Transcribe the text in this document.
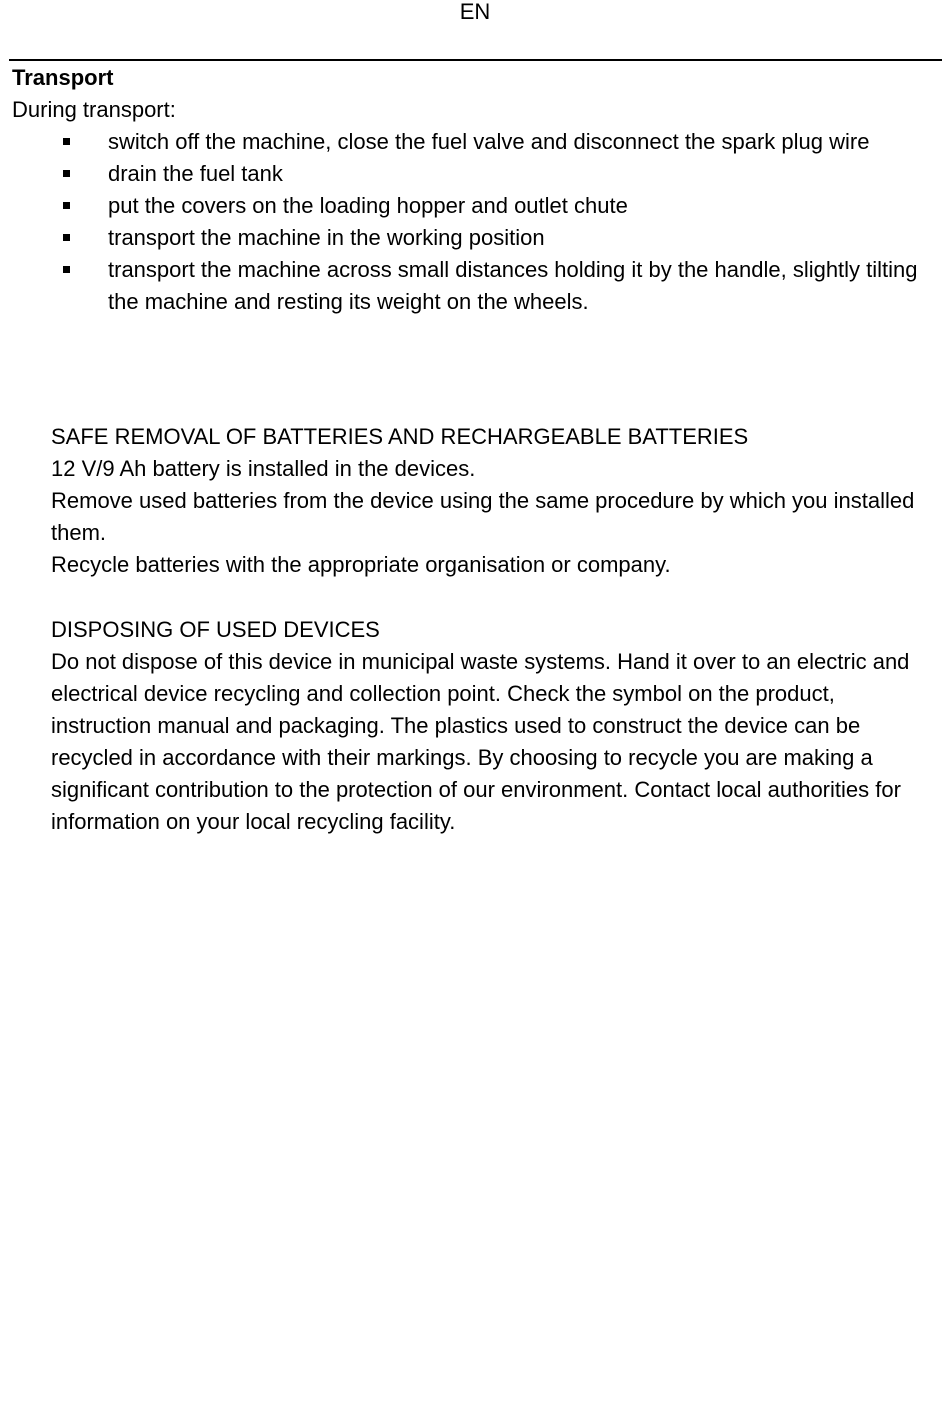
EN
Transport

During transport:

switch off the machine, close the fuel valve and disconnect the spark plug wire
drain the fuel tank
put the covers on the loading hopper and outlet chute
transport the machine in the working position
transport the machine across small distances holding it by the handle, slightly tilting the machine and resting its weight on the wheels.
SAFE REMOVAL OF BATTERIES AND RECHARGEABLE BATTERIES

12 V/9 Ah battery is installed in the devices.

Remove used batteries from the device using the same procedure by which you installed them.

Recycle batteries with the appropriate organisation or company.

DISPOSING OF USED DEVICES

Do not dispose of this device in municipal waste systems. Hand it over to an electric and electrical device recycling and collection point. Check the symbol on the product, instruction manual and packaging. The plastics used to construct the device can be recycled in accordance with their markings. By choosing to recycle you are making a significant contribution to the protection of our environment. Contact local authorities for information on your local recycling facility.
